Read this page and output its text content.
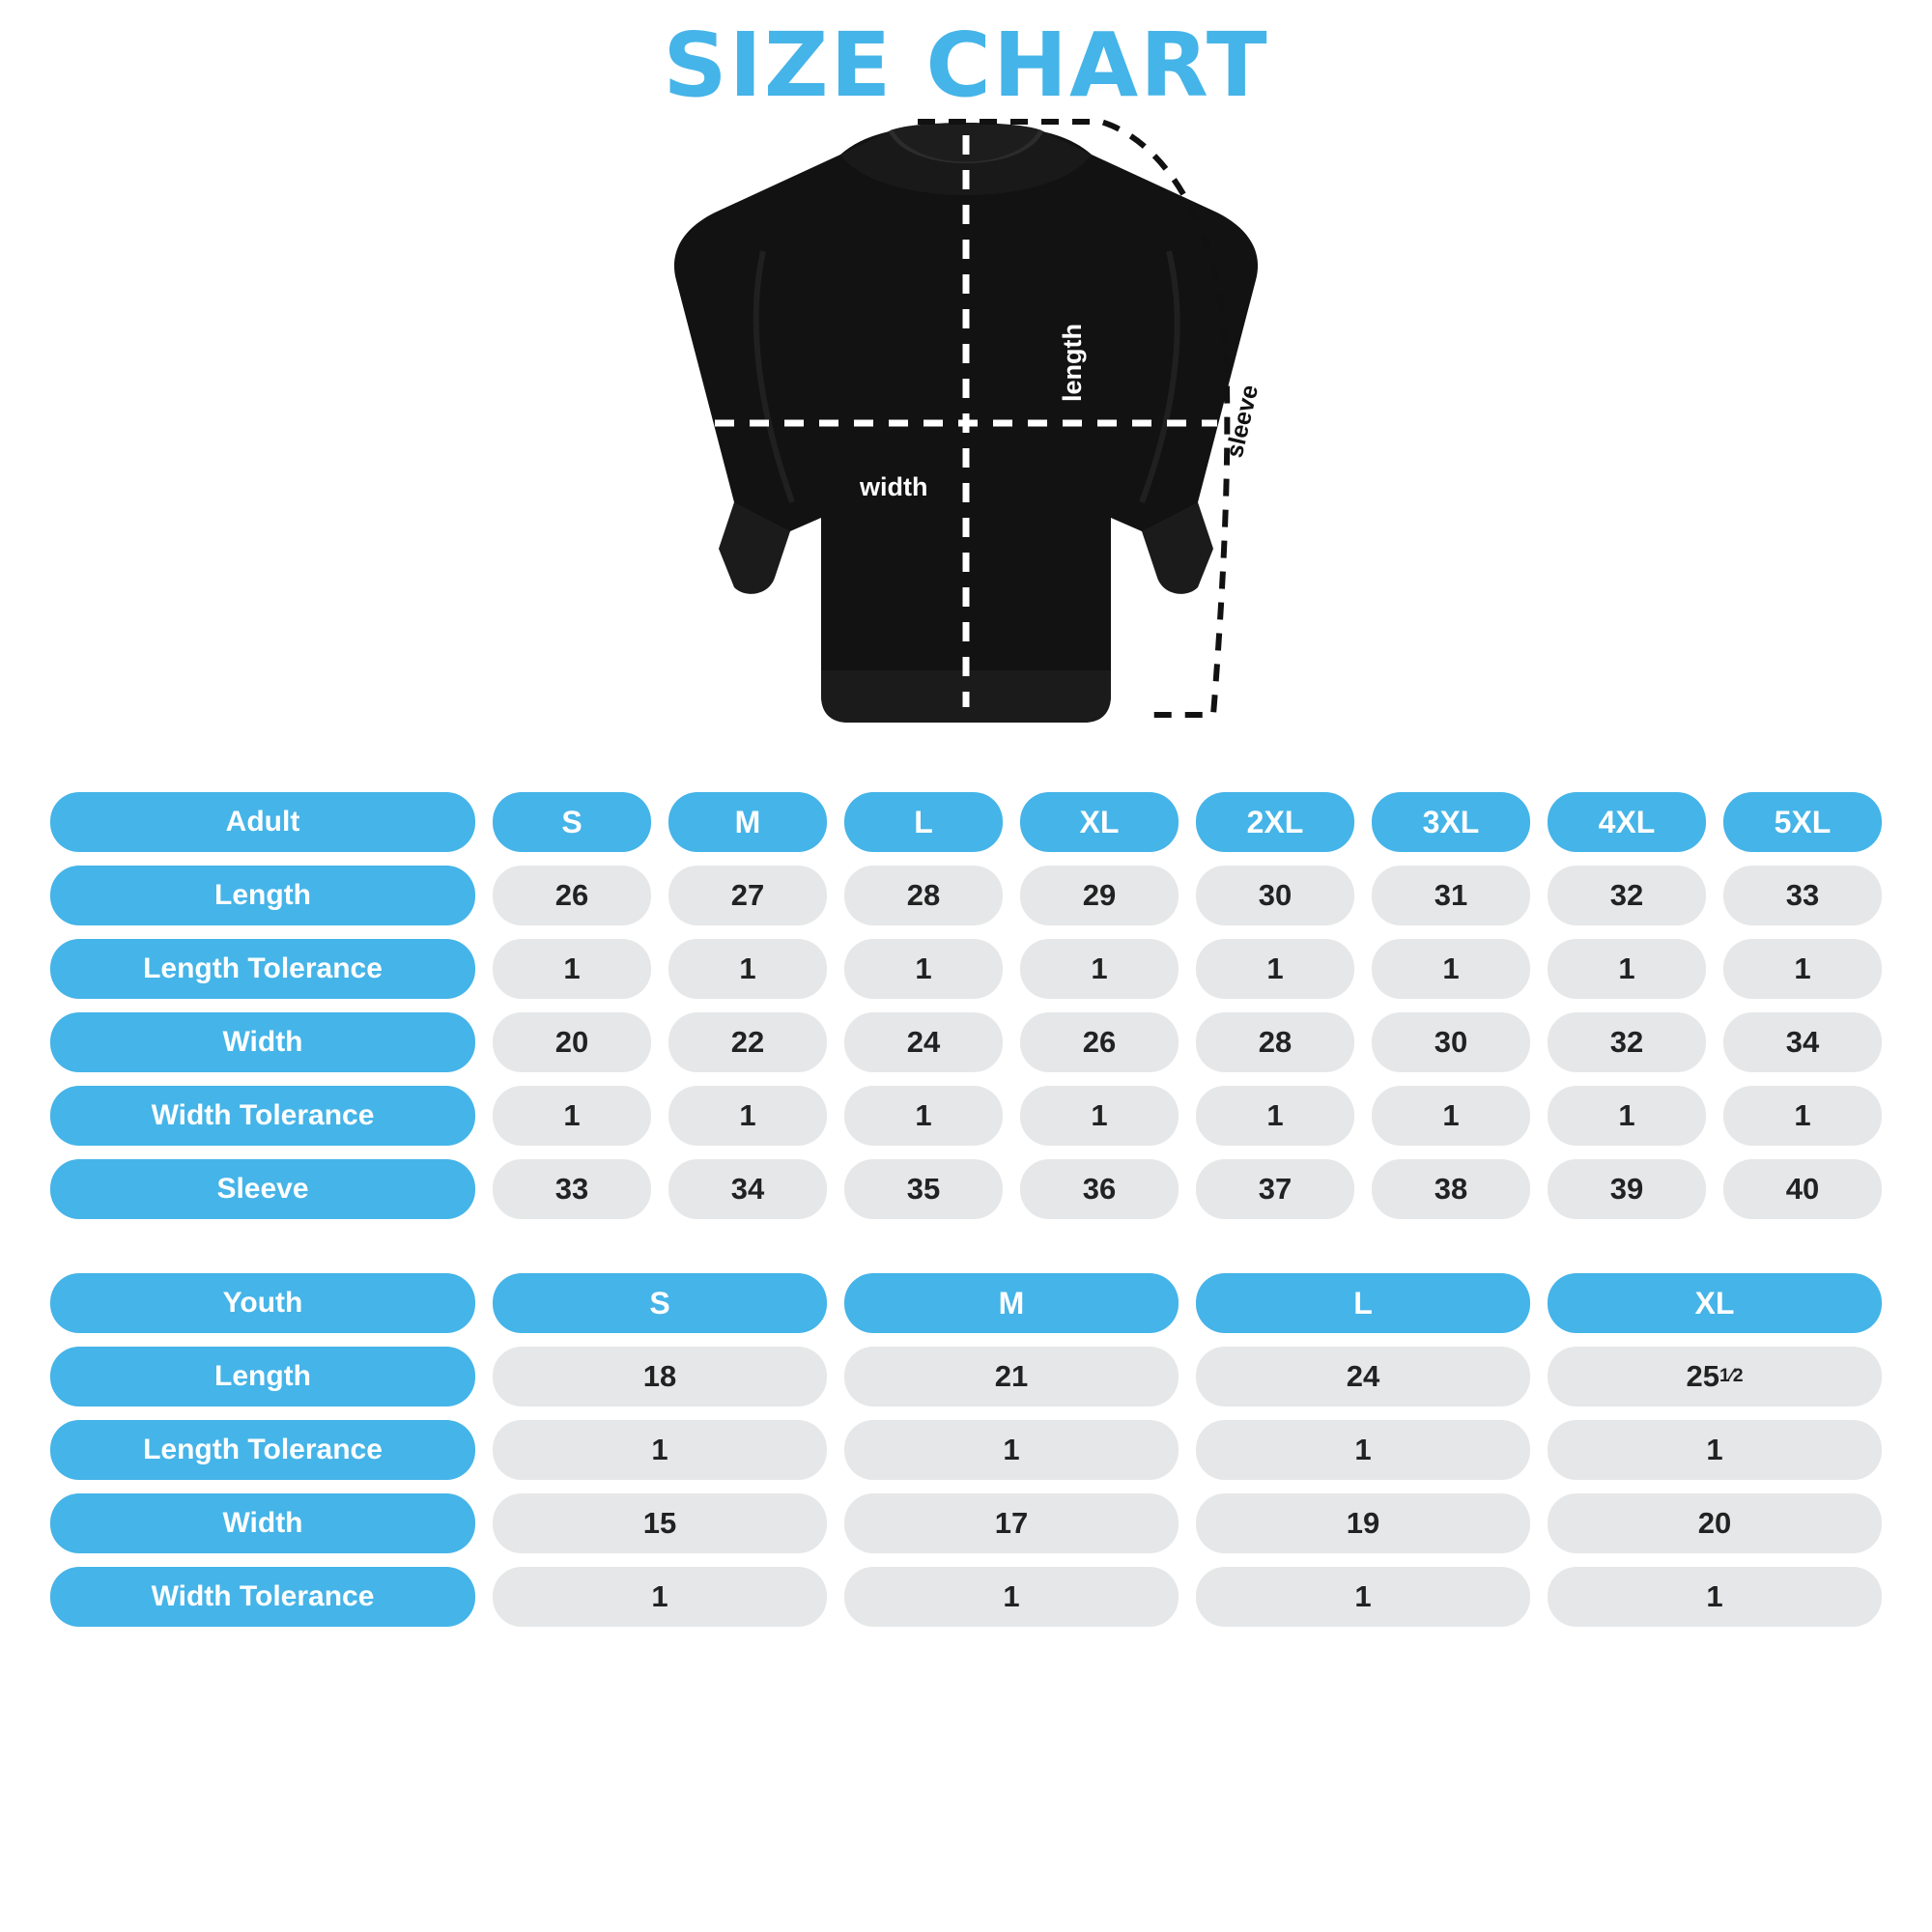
SIZE CHART
width
length
sleeve
Adult	S	M	L	XL	2XL	3XL	4XL	5XL
Length	26	27	28	29	30	31	32	33
Length Tolerance	1	1	1	1	1	1	1	1
Width	20	22	24	26	28	30	32	34
Width Tolerance	1	1	1	1	1	1	1	1
Sleeve	33	34	35	36	37	38	39	40
Youth	S	M	L	XL
Length	18	21	24	25 1⁄2
Length Tolerance	1	1	1	1
Width	15	17	19	20
Width Tolerance	1	1	1	1
